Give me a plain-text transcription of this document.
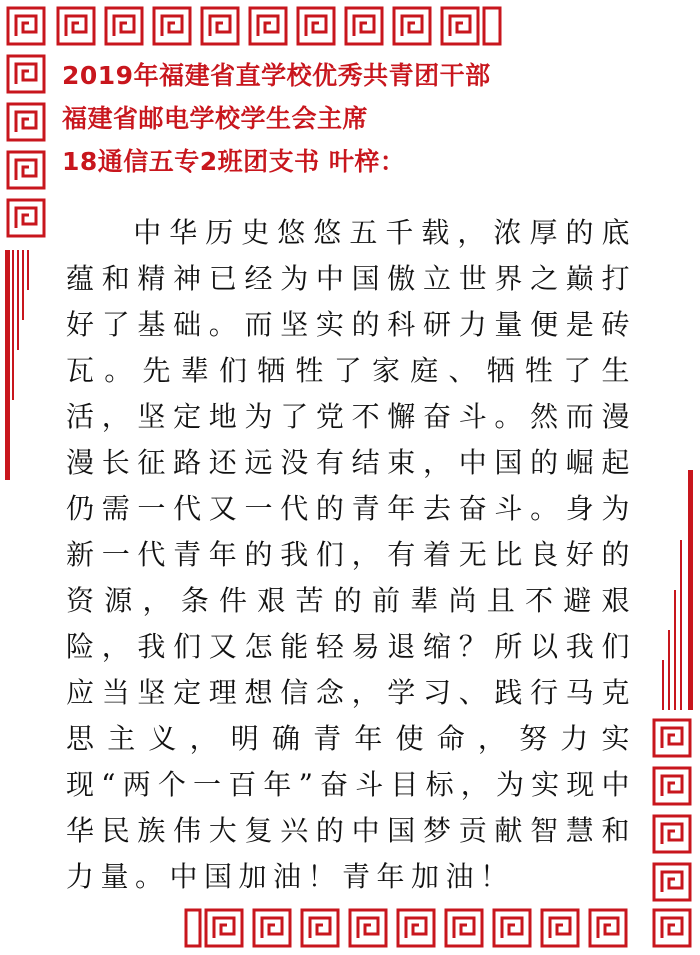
2019年福建省直学校优秀共青团干部
福建省邮电学校学生会主席
18通信五专2班团支书 叶梓：

中华历史悠悠五千载，浓厚的底蕴和精神已经为中国傲立世界之巅打好了基础。而坚实的科研力量便是砖瓦。先辈们牺牲了家庭、牺牲了生活，坚定地为了党不懈奋斗。然而漫漫长征路还远没有结束，中国的崛起仍需一代又一代的青年去奋斗。身为新一代青年的我们，有着无比良好的资源，条件艰苦的前辈尚且不避艰险，我们又怎能轻易退缩？所以我们应当坚定理想信念，学习、践行马克思主义，明确青年使命，努力实现“两个一百年”奋斗目标，为实现中华民族伟大复兴的中国梦贡献智慧和力量。中国加油！青年加油！
